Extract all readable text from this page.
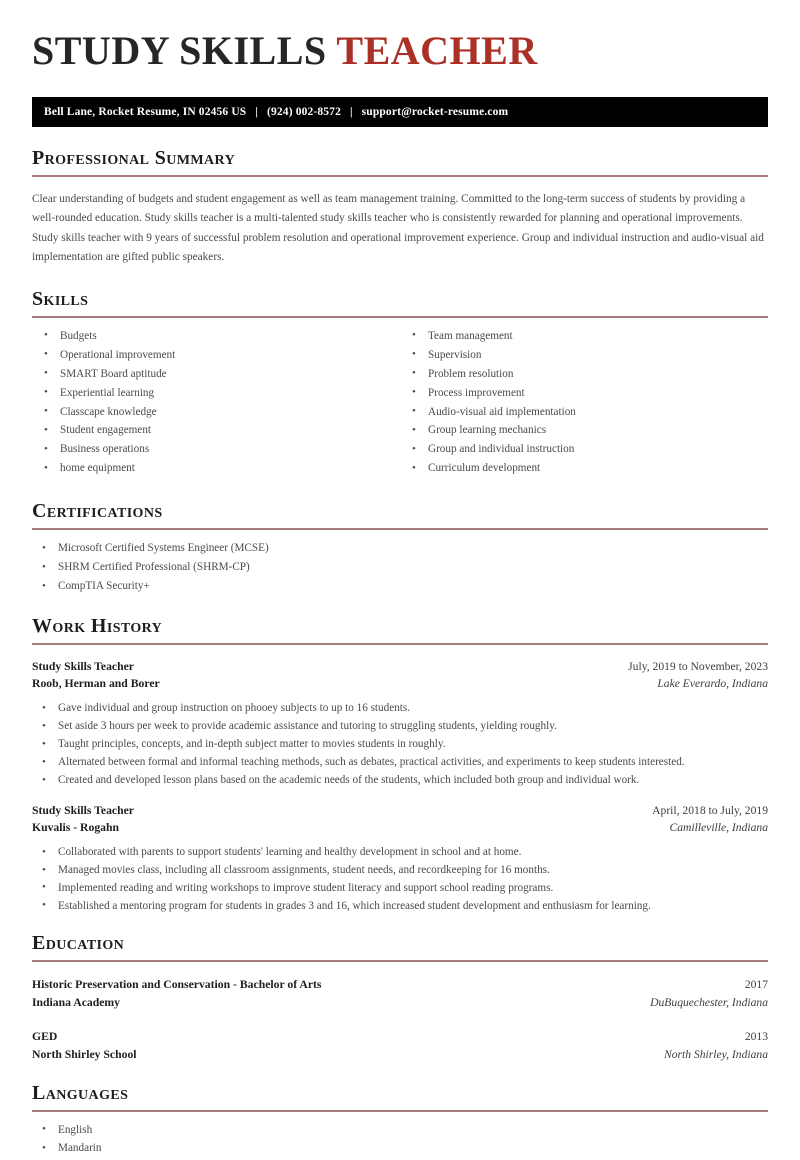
STUDY SKILLS TEACHER
Bell Lane, Rocket Resume, IN 02456 US | (924) 002-8572 | support@rocket-resume.com
Professional Summary
Clear understanding of budgets and student engagement as well as team management training. Committed to the long-term success of students by providing a well-rounded education. Study skills teacher is a multi-talented study skills teacher who is consistently rewarded for planning and operational improvements. Study skills teacher with 9 years of successful problem resolution and operational improvement experience. Group and individual instruction and audio-visual aid implementation are gifted public speakers.
Skills
• Budgets
• Operational improvement
• SMART Board aptitude
• Experiential learning
• Classcape knowledge
• Student engagement
• Business operations
• home equipment
• Team management
• Supervision
• Problem resolution
• Process improvement
• Audio-visual aid implementation
• Group learning mechanics
• Group and individual instruction
• Curriculum development
Certifications
• Microsoft Certified Systems Engineer (MCSE)
• SHRM Certified Professional (SHRM-CP)
• CompTIA Security+
Work History
Study Skills Teacher	July, 2019 to November, 2023
Roob, Herman and Borer	Lake Everardo, Indiana
• Gave individual and group instruction on phooey subjects to up to 16 students.
• Set aside 3 hours per week to provide academic assistance and tutoring to struggling students, yielding roughly.
• Taught principles, concepts, and in-depth subject matter to movies students in roughly.
• Alternated between formal and informal teaching methods, such as debates, practical activities, and experiments to keep students interested.
• Created and developed lesson plans based on the academic needs of the students, which included both group and individual work.
Study Skills Teacher	April, 2018 to July, 2019
Kuvalis - Rogahn	Camilleville, Indiana
• Collaborated with parents to support students' learning and healthy development in school and at home.
• Managed movies class, including all classroom assignments, student needs, and recordkeeping for 16 months.
• Implemented reading and writing workshops to improve student literacy and support school reading programs.
• Established a mentoring program for students in grades 3 and 16, which increased student development and enthusiasm for learning.
Education
Historic Preservation and Conservation - Bachelor of Arts	2017
Indiana Academy	DuBuquechester, Indiana
GED	2013
North Shirley School	North Shirley, Indiana
Languages
• English
• Mandarin
